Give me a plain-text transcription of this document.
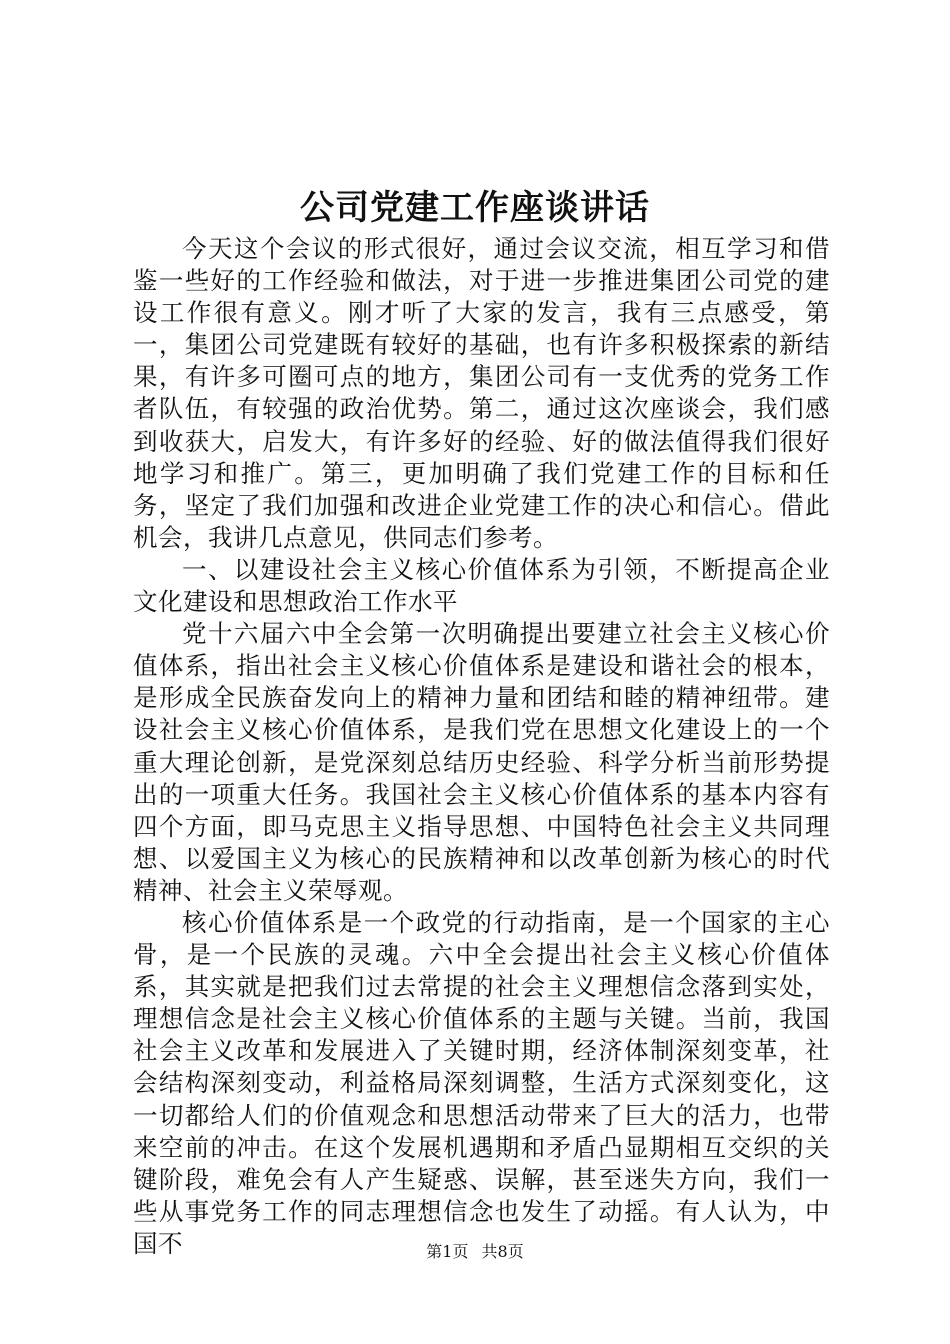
公司党建工作座谈讲话

今天这个会议的形式很好，通过会议交流，相互学习和借鉴一些好的工作经验和做法，对于进一步推进集团公司党的建设工作很有意义。刚才听了大家的发言，我有三点感受，第一，集团公司党建既有较好的基础，也有许多积极探索的新结果，有许多可圈可点的地方，集团公司有一支优秀的党务工作者队伍，有较强的政治优势。第二，通过这次座谈会，我们感到收获大，启发大，有许多好的经验、好的做法值得我们很好地学习和推广。第三，更加明确了我们党建工作的目标和任务，坚定了我们加强和改进企业党建工作的决心和信心。借此机会，我讲几点意见，供同志们参考。

一、以建设社会主义核心价值体系为引领，不断提高企业文化建设和思想政治工作水平

党十六届六中全会第一次明确提出要建立社会主义核心价值体系，指出社会主义核心价值体系是建设和谐社会的根本，是形成全民族奋发向上的精神力量和团结和睦的精神纽带。建设社会主义核心价值体系，是我们党在思想文化建设上的一个重大理论创新，是党深刻总结历史经验、科学分析当前形势提出的一项重大任务。我国社会主义核心价值体系的基本内容有四个方面，即马克思主义指导思想、中国特色社会主义共同理想、以爱国主义为核心的民族精神和以改革创新为核心的时代精神、社会主义荣辱观。

核心价值体系是一个政党的行动指南，是一个国家的主心骨，是一个民族的灵魂。六中全会提出社会主义核心价值体系，其实就是把我们过去常提的社会主义理想信念落到实处，理想信念是社会主义核心价值体系的主题与关键。当前，我国社会主义改革和发展进入了关键时期，经济体制深刻变革，社会结构深刻变动，利益格局深刻调整，生活方式深刻变化，这一切都给人们的价值观念和思想活动带来了巨大的活力，也带来空前的冲击。在这个发展机遇期和矛盾凸显期相互交织的关键阶段，难免会有人产生疑惑、误解，甚至迷失方向，我们一些从事党务工作的同志理想信念也发生了动摇。有人认为，中国不	第1页 共8页
